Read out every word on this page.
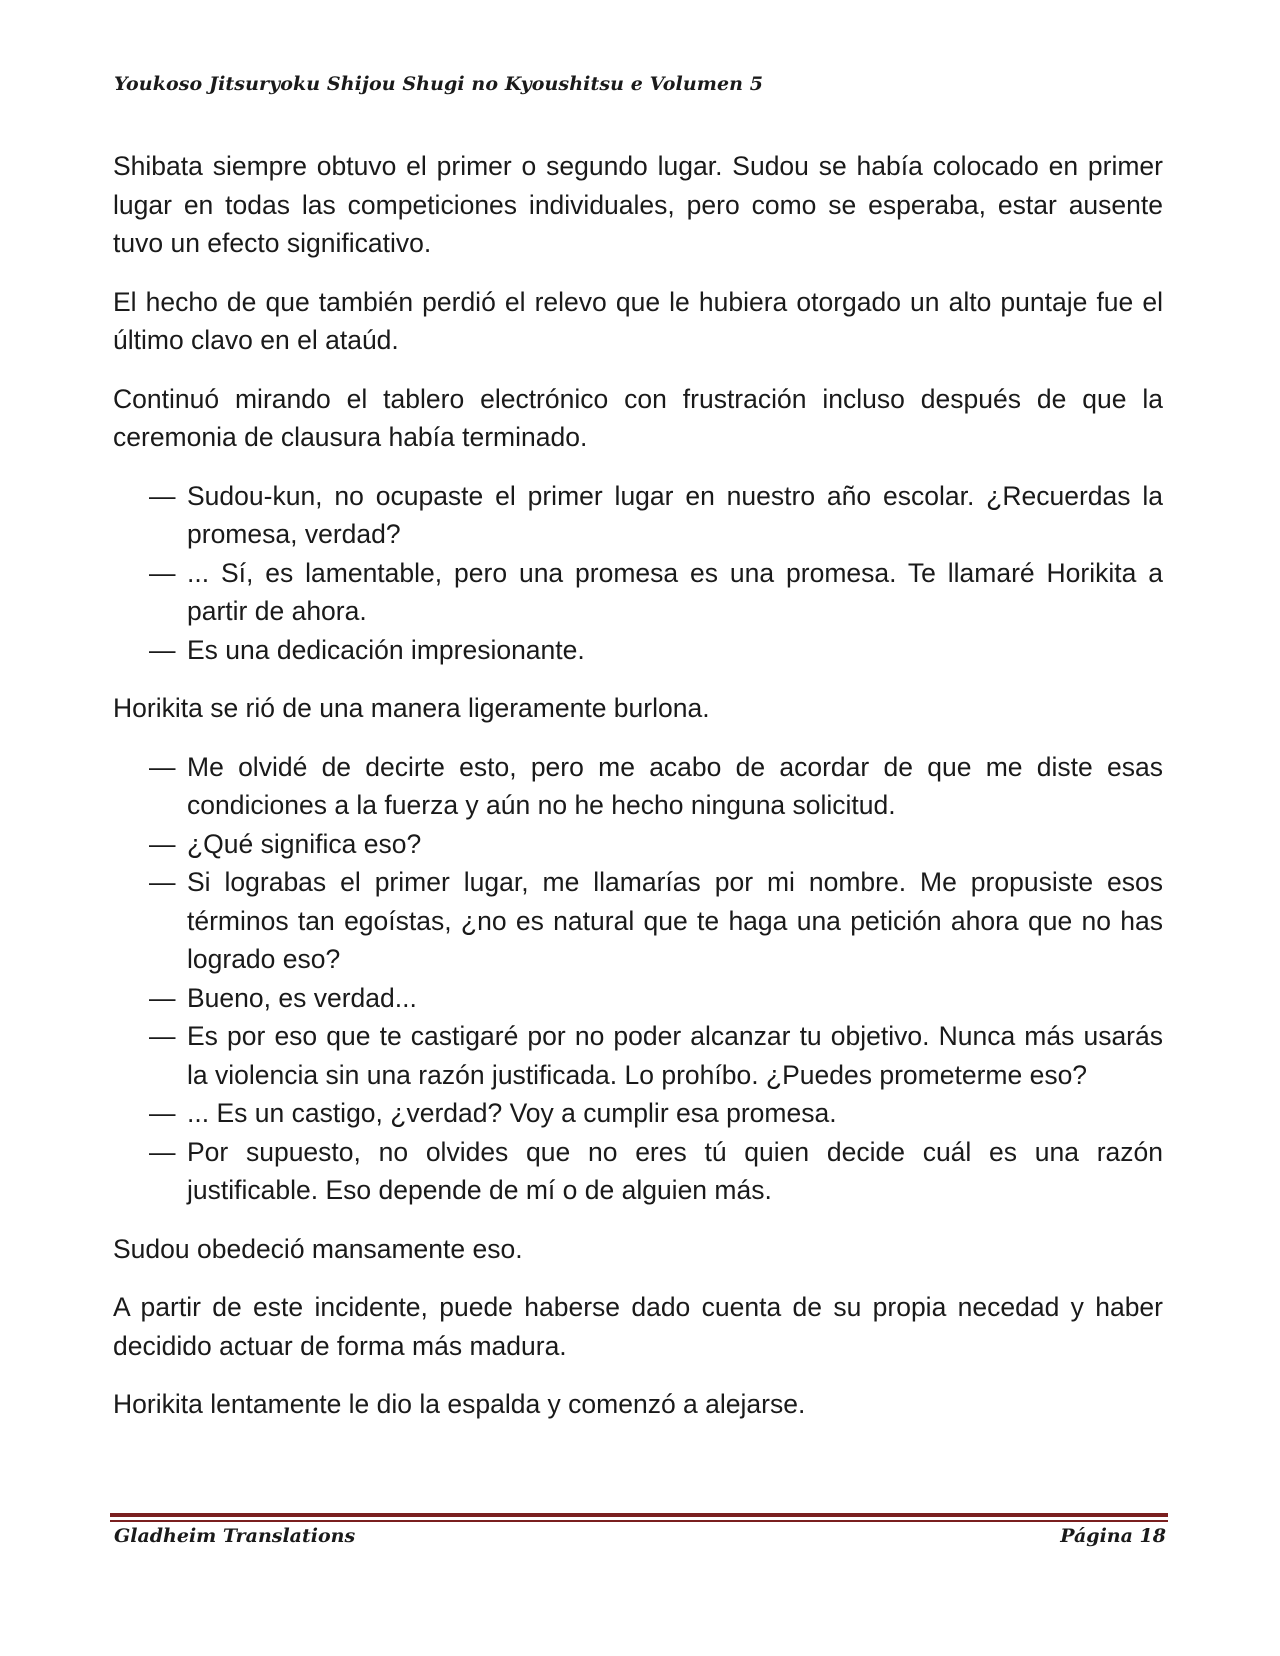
Youkoso Jitsuryoku Shijou Shugi no Kyoushitsu e Volumen 5

Shibata siempre obtuvo el primer o segundo lugar. Sudou se había colocado en primer lugar en todas las competiciones individuales, pero como se esperaba, estar ausente tuvo un efecto significativo.

El hecho de que también perdió el relevo que le hubiera otorgado un alto puntaje fue el último clavo en el ataúd.

Continuó mirando el tablero electrónico con frustración incluso después de que la ceremonia de clausura había terminado.

— Sudou-kun, no ocupaste el primer lugar en nuestro año escolar. ¿Recuerdas la promesa, verdad?
— ... Sí, es lamentable, pero una promesa es una promesa. Te llamaré Horikita a partir de ahora.
— Es una dedicación impresionante.

Horikita se rió de una manera ligeramente burlona.

— Me olvidé de decirte esto, pero me acabo de acordar de que me diste esas condiciones a la fuerza y aún no he hecho ninguna solicitud.
— ¿Qué significa eso?
— Si lograbas el primer lugar, me llamarías por mi nombre. Me propusiste esos términos tan egoístas, ¿no es natural que te haga una petición ahora que no has logrado eso?
— Bueno, es verdad...
— Es por eso que te castigaré por no poder alcanzar tu objetivo. Nunca más usarás la violencia sin una razón justificada. Lo prohíbo. ¿Puedes prometerme eso?
— ... Es un castigo, ¿verdad? Voy a cumplir esa promesa.
— Por supuesto, no olvides que no eres tú quien decide cuál es una razón justificable. Eso depende de mí o de alguien más.

Sudou obedeció mansamente eso.

A partir de este incidente, puede haberse dado cuenta de su propia necedad y haber decidido actuar de forma más madura.

Horikita lentamente le dio la espalda y comenzó a alejarse.

Gladheim Translations	Página 18
